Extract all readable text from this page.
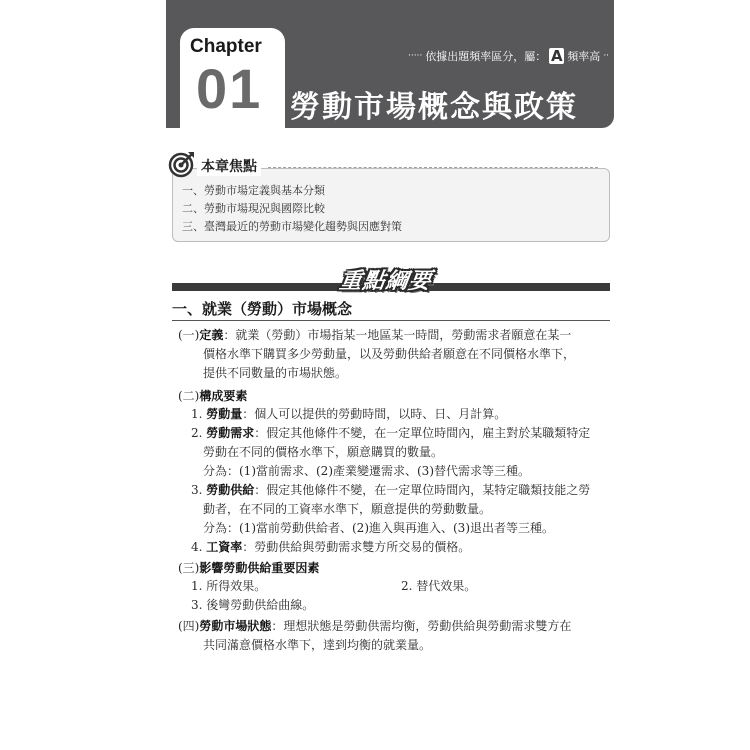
Chapter
01
····· 依據出題頻率區分，屬： A 頻率高 ··
勞動市場概念與政策
本章焦點
一、勞動市場定義與基本分類
二、勞動市場現況與國際比較
三、臺灣最近的勞動市場變化趨勢與因應對策
重點綱要
一、就業（勞動）市場概念
(一)定義：就業（勞動）市場指某一地區某一時間，勞動需求者願意在某一
價格水準下購買多少勞動量，以及勞動供給者願意在不同價格水準下，
提供不同數量的市場狀態。
(二)構成要素
1. 勞動量：個人可以提供的勞動時間，以時、日、月計算。
2. 勞動需求：假定其他條件不變，在一定單位時間內，雇主對於某職類特定
勞動在不同的價格水準下，願意購買的數量。
分為：(1)當前需求、(2)產業變遷需求、(3)替代需求等三種。
3. 勞動供給：假定其他條件不變，在一定單位時間內，某特定職類技能之勞
動者，在不同的工資率水準下，願意提供的勞動數量。
分為：(1)當前勞動供給者、(2)進入與再進入、(3)退出者等三種。
4. 工資率：勞動供給與勞動需求雙方所交易的價格。
(三)影響勞動供給重要因素
1. 所得效果。	2. 替代效果。
3. 後彎勞動供給曲線。
(四)勞動市場狀態：理想狀態是勞動供需均衡，勞動供給與勞動需求雙方在
共同滿意價格水準下，達到均衡的就業量。
